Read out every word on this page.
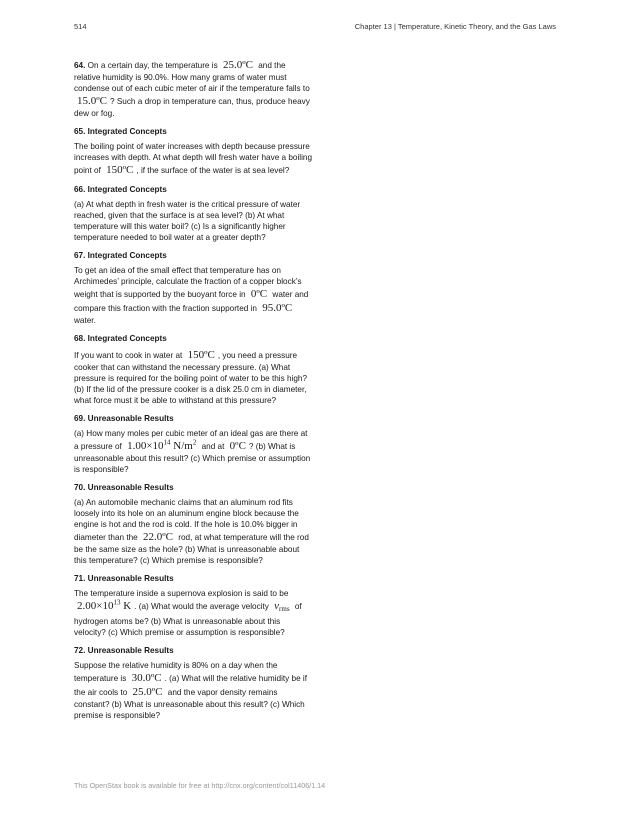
514	Chapter 13 | Temperature, Kinetic Theory, and the Gas Laws

64. On a certain day, the temperature is 25.0ºC and the relative humidity is 90.0%. How many grams of water must condense out of each cubic meter of air if the temperature falls to 15.0ºC ? Such a drop in temperature can, thus, produce heavy dew or fog.

65. Integrated Concepts

The boiling point of water increases with depth because pressure increases with depth. At what depth will fresh water have a boiling point of 150ºC , if the surface of the water is at sea level?

66. Integrated Concepts

(a) At what depth in fresh water is the critical pressure of water reached, given that the surface is at sea level? (b) At what temperature will this water boil? (c) Is a significantly higher temperature needed to boil water at a greater depth?

67. Integrated Concepts

To get an idea of the small effect that temperature has on Archimedes’ principle, calculate the fraction of a copper block’s weight that is supported by the buoyant force in 0ºC water and compare this fraction with the fraction supported in 95.0ºC water.

68. Integrated Concepts

If you want to cook in water at 150ºC , you need a pressure cooker that can withstand the necessary pressure. (a) What pressure is required for the boiling point of water to be this high? (b) If the lid of the pressure cooker is a disk 25.0 cm in diameter, what force must it be able to withstand at this pressure?

69. Unreasonable Results

(a) How many moles per cubic meter of an ideal gas are there at a pressure of $1.00\times 10^{14}$ $N/m^2$ and at 0ºC ? (b) What is unreasonable about this result? (c) Which premise or assumption is responsible?

70. Unreasonable Results

(a) An automobile mechanic claims that an aluminum rod fits loosely into its hole on an aluminum engine block because the engine is hot and the rod is cold. If the hole is 10.0% bigger in diameter than the 22.0ºC rod, at what temperature will the rod be the same size as the hole? (b) What is unreasonable about this temperature? (c) Which premise is responsible?

71. Unreasonable Results

The temperature inside a supernova explosion is said to be $2.00\times 10^{13}$ K . (a) What would the average velocity $v_{rms}$ of hydrogen atoms be? (b) What is unreasonable about this velocity? (c) Which premise or assumption is responsible?

72. Unreasonable Results

Suppose the relative humidity is 80% on a day when the temperature is 30.0ºC . (a) What will the relative humidity be if the air cools to 25.0ºC and the vapor density remains constant? (b) What is unreasonable about this result? (c) Which premise is responsible?

This OpenStax book is available for free at http://cnx.org/content/col11406/1.14
